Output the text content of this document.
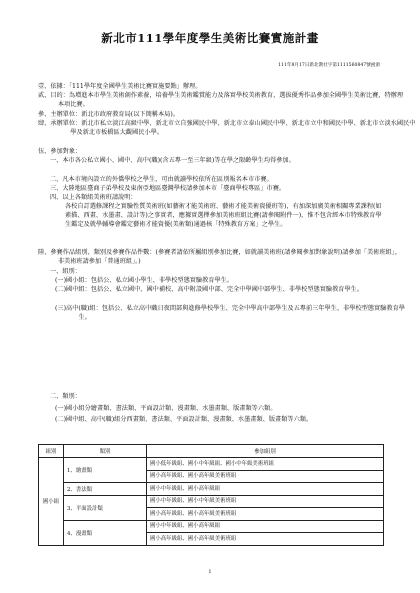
新北市111學年度學生美術比賽實施計畫
111年8月17日新北教社字第1111560847號函頒

壹、依據：「111學年度全國學生美術比賽實施要點」辦理。

貳、目的：為增進本市學生美術創作素養，培養學生美術鑑賞能力及落實學校美術教育，選拔優秀作品參加全國學生美術比賽，特辦理本項比賽。

參、主辦單位：新北市政府教育局(以下簡稱本局)。

肆、承辦單位：新北市私立淡江高級中學、新北市立自強國民中學、新北市立泰山國民中學、新北市立中和國民中學、新北市立淡水國民中學及新北市板橋區大觀國民小學。

伍、參加對象：

一、本市各公私立國小、國中、高中(職)(含五專一至三年級)等在學之限齡學生均得參加。

二、凡本市境內設立的外僑學校之學生，可由就讀學校依所在區別報名本市市賽。

三、大陸地區臺商子弟學校及東南亞地區臺灣學校請參加本市「臺商學校專區」市賽。

四、以上各類組美術班請說明：

各校自訂選修課程之實驗性質美術班(如藝術才能美術班、藝術才能美術資優班等)，有加深加廣美術相關專業課程(如素描、西畫、水墨畫、設計等)之事實者，應據實選擇參加美術班組比賽(請參閱附件一)，惟不包含經本市特殊教育學生鑑定及就學輔導會鑑定藝術才能資優(美術類)通過核「特殊教育方案」之學生。

陸、參賽作品組別、類別及參賽作品件數：(參賽者請依所屬組別參加比賽，如就讀美術班(請參閱參加對象說明)請參加「美術班組」，非美術班請參加「普通班組」。)

一、組別：

(一)國小組：包括公、私立國小學生、非學校型態實驗教育學生。

(二)國中組：包括公、私立國中、國中補校、高中附設國中部、完全中學國中部學生、非學校型態實驗教育學生。

(三)高中(職)組：包括公、私立高中職日夜間部與進修學校學生、完全中學高中部學生及五專前三年學生、非學校型態實驗教育學生。

二、類別：

(一)國小組分繪畫類、書法類、平面設計類、漫畫類、水墨畫類、版畫類等六類。

(二)國中組、高中(職)組分西畫類、書法類、平面設計類、漫畫類、水墨畫類、版畫類等六類。

組別	類別	參加組別
國小組	1、繪畫類	國小低年級組、國小中年級組、國小中年級美術班組
		國小高年級組、國小高年級美術班組
	2、書法類	國小中年級組、國小高年級組
	3、平面設計類	國小中年級組、國小中年級美術班組
		國小高年級組、國小高年級美術班組
	4、漫畫類	國小中年級組、國小高年級組
		國小高年級組、國小高年級美術班組
1
